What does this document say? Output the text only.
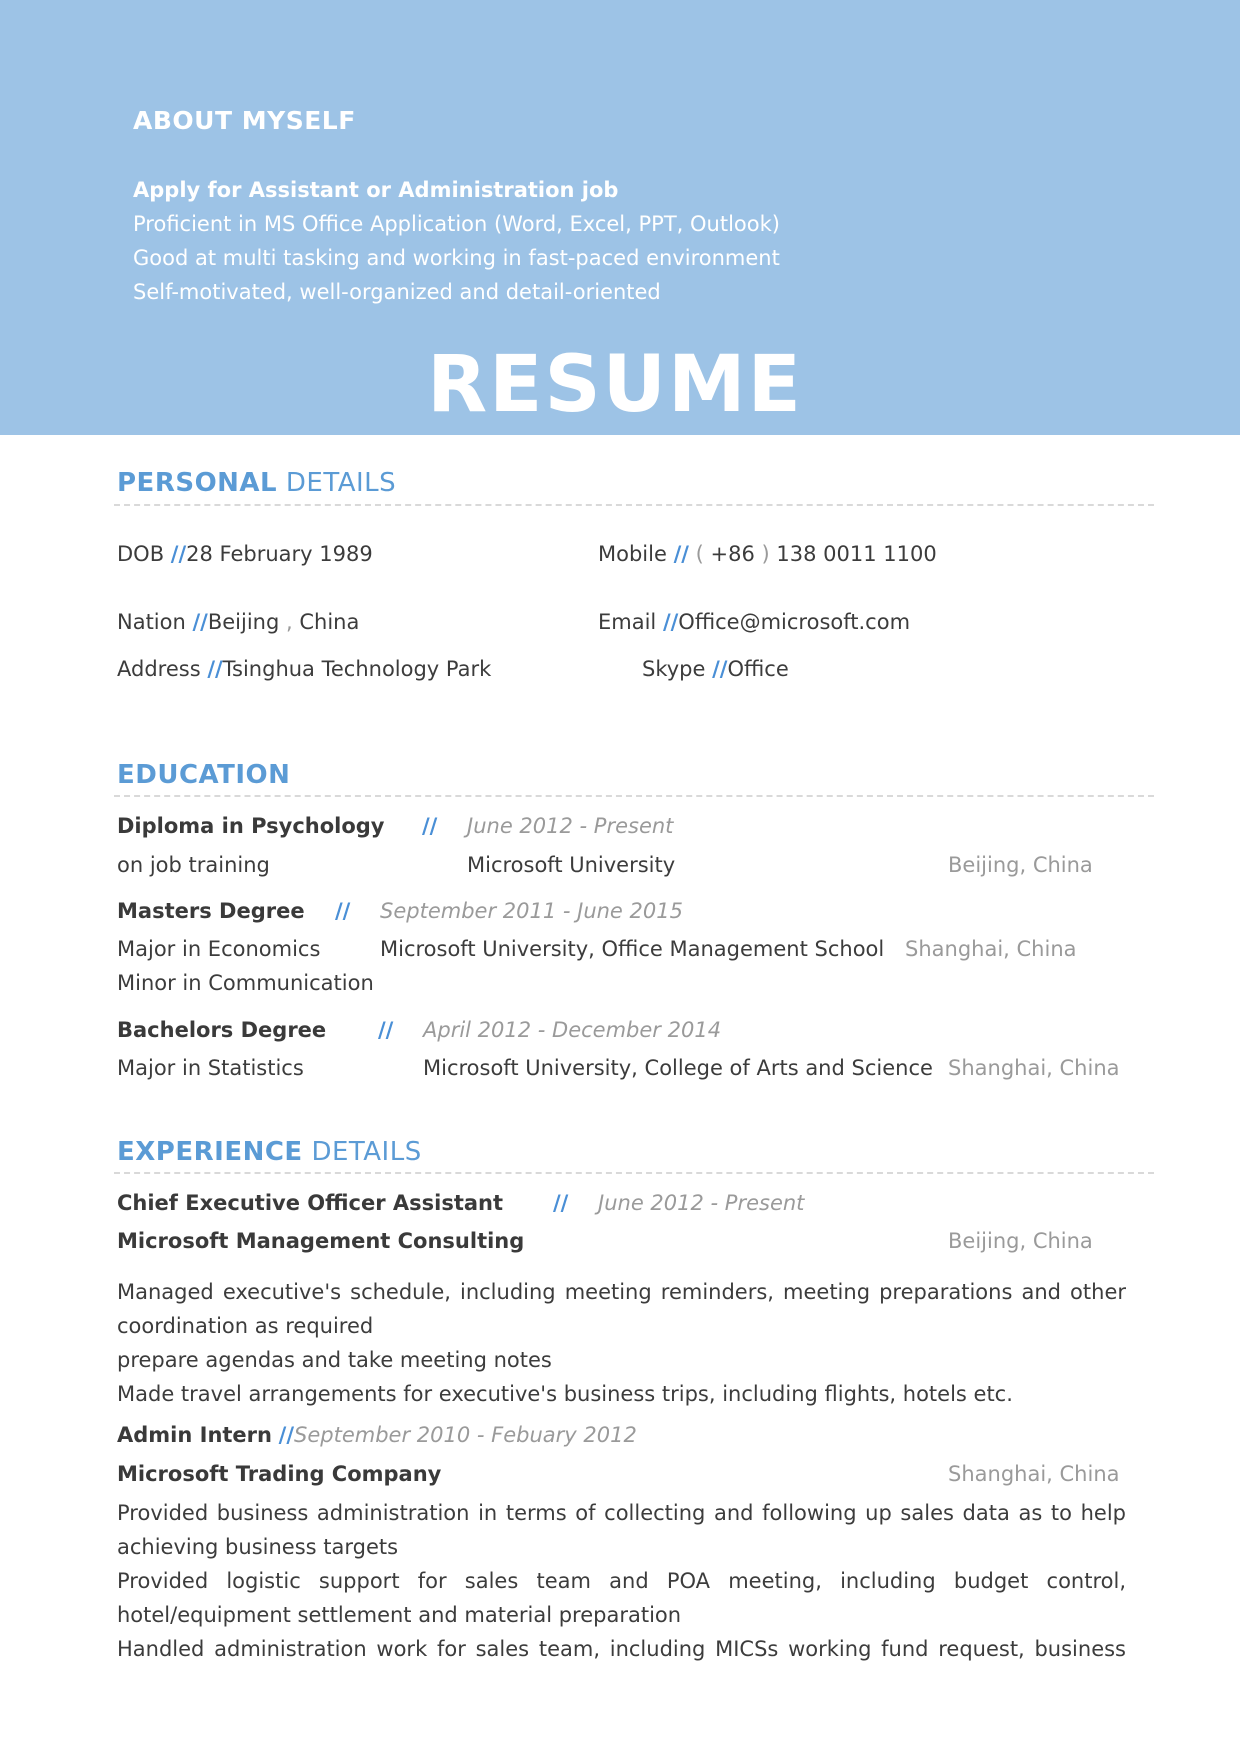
ABOUT MYSELF
Apply for Assistant or Administration job
Proficient in MS Office Application (Word, Excel, PPT, Outlook)
Good at multi tasking and working in fast-paced environment
Self-motivated, well-organized and detail-oriented
RESUME
PERSONAL DETAILS
DOB //28 February 1989	Mobile // ( +86 ) 138 0011 1100
Nation //Beijing , China	Email //Office@microsoft.com
Address //Tsinghua Technology Park	Skype //Office
EDUCATION
Diploma in Psychology // June 2012 - Present
on job training	Microsoft University	Beijing, China
Masters Degree // September 2011 - June 2015
Major in Economics	Microsoft University, Office Management School Shanghai, China
Minor in Communication
Bachelors Degree // April 2012 - December 2014
Major in Statistics	Microsoft University, College of Arts and Science Shanghai, China
EXPERIENCE DETAILS
Chief Executive Officer Assistant // June 2012 - Present
Microsoft Management Consulting	Beijing, China
Managed executive's schedule, including meeting reminders, meeting preparations and other coordination as required
prepare agendas and take meeting notes
Made travel arrangements for executive's business trips, including flights, hotels etc.
Admin Intern //September 2010 - Febuary 2012
Microsoft Trading Company	Shanghai, China
Provided business administration in terms of collecting and following up sales data as to help achieving business targets
Provided logistic support for sales team and POA meeting, including budget control, hotel/equipment settlement and material preparation
Handled administration work for sales team, including MICSs working fund request, business
